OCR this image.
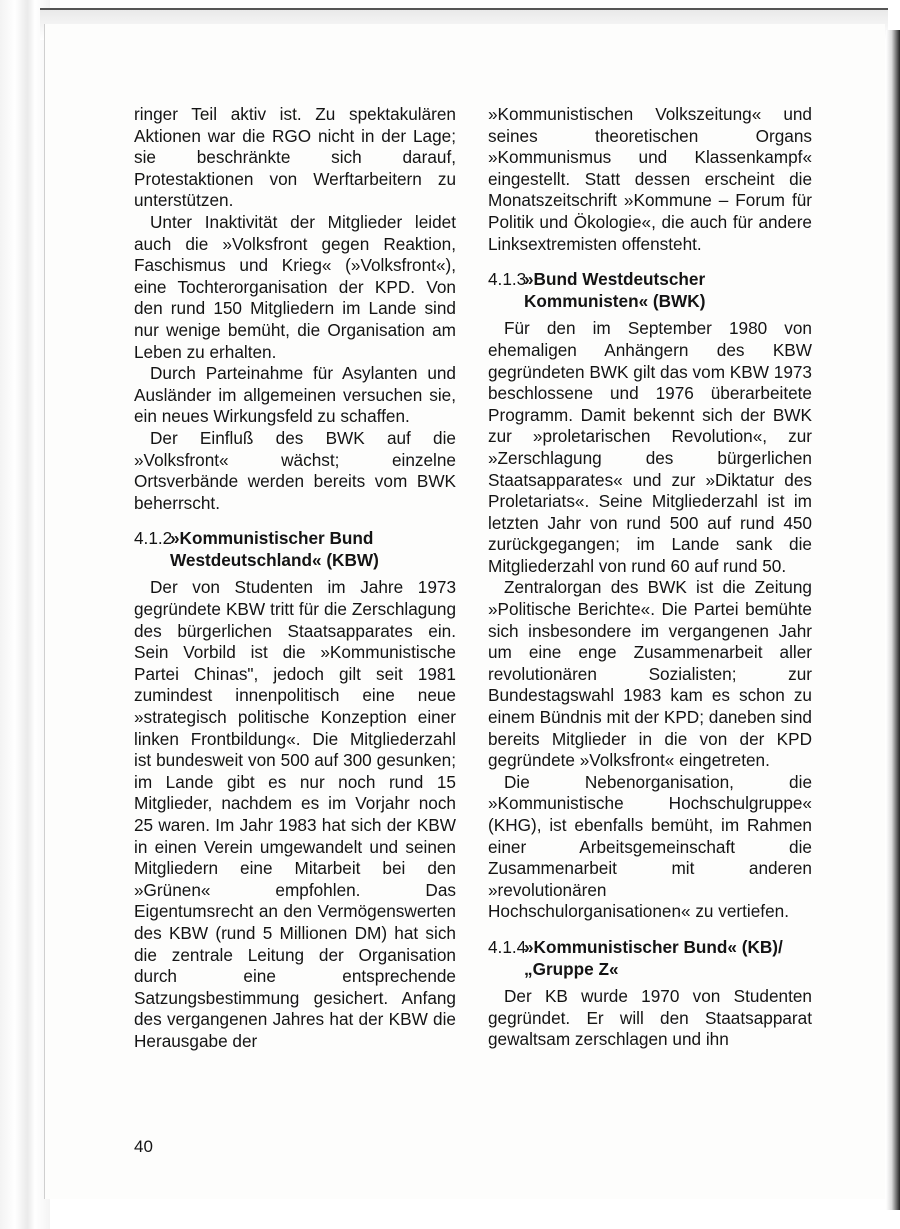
ringer Teil aktiv ist. Zu spektakulären Aktionen war die RGO nicht in der Lage; sie beschränkte sich darauf, Protestaktionen von Werftarbeitern zu unterstützen.

Unter Inaktivität der Mitglieder leidet auch die »Volksfront gegen Reaktion, Faschismus und Krieg« (»Volksfront«), eine Tochterorganisation der KPD. Von den rund 150 Mitgliedern im Lande sind nur wenige bemüht, die Organisation am Leben zu erhalten.

Durch Parteinahme für Asylanten und Ausländer im allgemeinen versuchen sie, ein neues Wirkungsfeld zu schaffen.

Der Einfluß des BWK auf die »Volksfront« wächst; einzelne Ortsverbände werden bereits vom BWK beherrscht.

4.1.2
»Kommunistischer Bund Westdeutschland« (KBW)

Der von Studenten im Jahre 1973 gegründete KBW tritt für die Zerschlagung des bürgerlichen Staatsapparates ein. Sein Vorbild ist die »Kommunistische Partei Chinas", jedoch gilt seit 1981 zumindest innenpolitisch eine neue »strategisch politische Konzeption einer linken Frontbildung«. Die Mitgliederzahl ist bundesweit von 500 auf 300 gesunken; im Lande gibt es nur noch rund 15 Mitglieder, nachdem es im Vorjahr noch 25 waren. Im Jahr 1983 hat sich der KBW in einen Verein umgewandelt und seinen Mitgliedern eine Mitarbeit bei den »Grünen« empfohlen. Das Eigentumsrecht an den Vermögenswerten des KBW (rund 5 Millionen DM) hat sich die zentrale Leitung der Organisation durch eine entsprechende Satzungsbestimmung gesichert. Anfang des vergangenen Jahres hat der KBW die Herausgabe der

»Kommunistischen Volkszeitung« und seines theoretischen Organs »Kommunismus und Klassenkampf« eingestellt. Statt dessen erscheint die Monatszeitschrift »Kommune – Forum für Politik und Ökologie«, die auch für andere Linksextremisten offensteht.

4.1.3
»Bund Westdeutscher Kommunisten« (BWK)

Für den im September 1980 von ehemaligen Anhängern des KBW gegründeten BWK gilt das vom KBW 1973 beschlossene und 1976 überarbeitete Programm. Damit bekennt sich der BWK zur »proletarischen Revolution«, zur »Zerschlagung des bürgerlichen Staatsapparates« und zur »Diktatur des Proletariats«. Seine Mitgliederzahl ist im letzten Jahr von rund 500 auf rund 450 zurückgegangen; im Lande sank die Mitgliederzahl von rund 60 auf rund 50.

Zentralorgan des BWK ist die Zeitung »Politische Berichte«. Die Partei bemühte sich insbesondere im vergangenen Jahr um eine enge Zusammenarbeit aller revolutionären Sozialisten; zur Bundestagswahl 1983 kam es schon zu einem Bündnis mit der KPD; daneben sind bereits Mitglieder in die von der KPD gegründete »Volksfront« eingetreten.

Die Nebenorganisation, die »Kommunistische Hochschulgruppe« (KHG), ist ebenfalls bemüht, im Rahmen einer Arbeitsgemeinschaft die Zusammenarbeit mit anderen »revolutionären Hochschulorganisationen« zu vertiefen.

4.1.4
»Kommunistischer Bund« (KB)/„Gruppe Z«

Der KB wurde 1970 von Studenten gegründet. Er will den Staatsapparat gewaltsam zerschlagen und ihn

40
